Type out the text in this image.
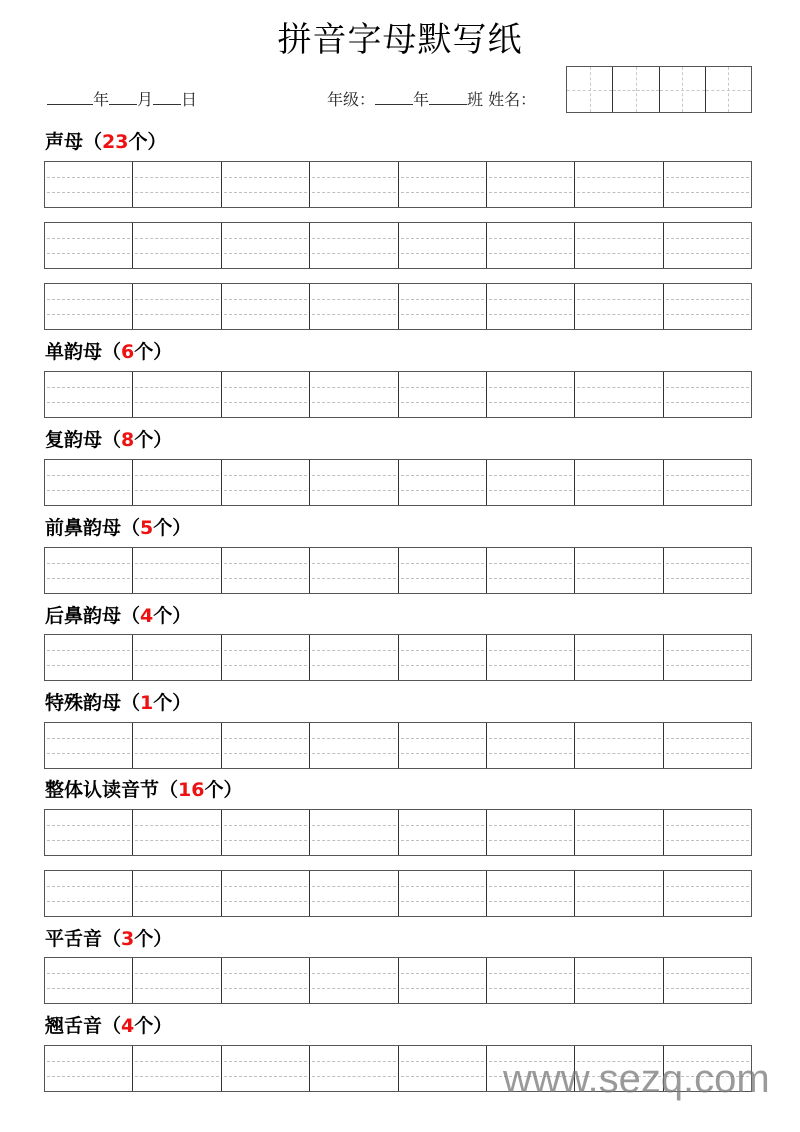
拼音字母默写纸
年 月 日	年级： 年 班 姓名：
声母（23个）
单韵母（6个）
复韵母（8个）
前鼻韵母（5个）
后鼻韵母（4个）
特殊韵母（1个）
整体认读音节（16个）
平舌音（3个）
翘舌音（4个）
www.sezq.com
